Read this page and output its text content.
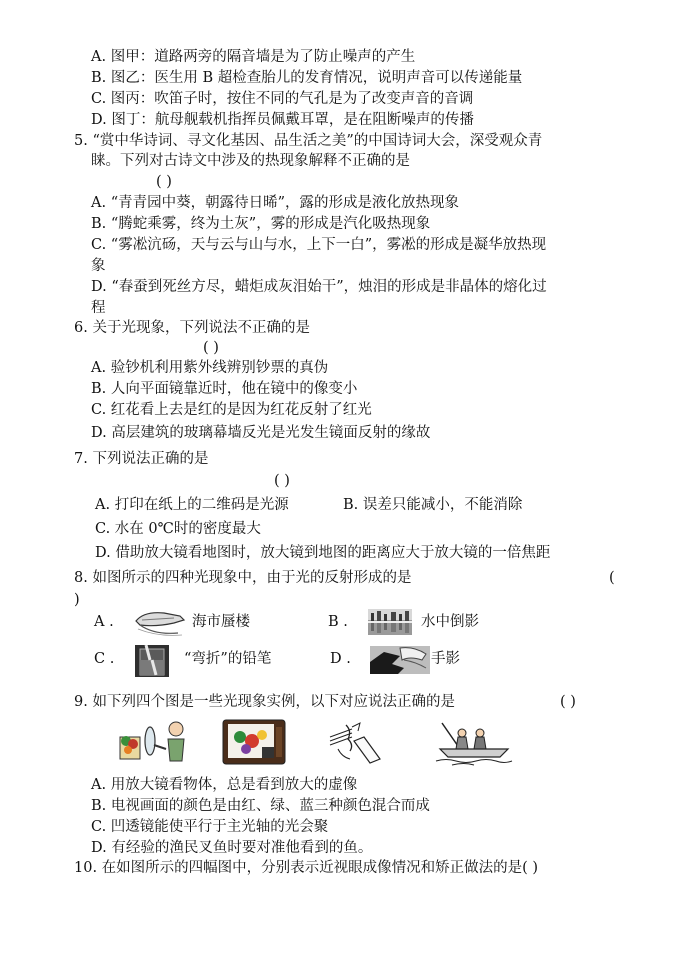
A. 图甲：道路两旁的隔音墙是为了防止噪声的产生
B. 图乙：医生用 B 超检查胎儿的发育情况，说明声音可以传递能量
C. 图丙：吹笛子时，按住不同的气孔是为了改变声音的音调
D. 图丁：航母舰载机指挥员佩戴耳罩，是在阻断噪声的传播
5. “赏中华诗词、寻文化基因、品生活之美”的中国诗词大会，深受观众青
睐。下列对古诗文中涉及的热现象解释不正确的是
( )
A. “青青园中葵，朝露待日晞”，露的形成是液化放热现象
B. “腾蛇乘雾，终为土灰”，雾的形成是汽化吸热现象
C. “雾凇沆砀，天与云与山与水，上下一白”，雾凇的形成是凝华放热现
象
D. “春蚕到死丝方尽，蜡炬成灰泪始干”，烛泪的形成是非晶体的熔化过
程
6. 关于光现象，下列说法不正确的是
( )
A. 验钞机利用紫外线辨别钞票的真伪
B. 人向平面镜靠近时，他在镜中的像变小
C. 红花看上去是红的是因为红花反射了红光
D. 高层建筑的玻璃幕墙反光是光发生镜面反射的缘故
7. 下列说法正确的是
( )
A. 打印在纸上的二维码是光源	B. 误差只能减小，不能消除
C. 水在 0℃时的密度最大
D. 借助放大镜看地图时，放大镜到地图的距离应大于放大镜的一倍焦距
8. 如图所示的四种光现象中，由于光的反射形成的是	(
)
A .	海市蜃楼	B .	水中倒影
C .	“弯折”的铅笔	D .	手影
9. 如下列四个图是一些光现象实例，以下对应说法正确的是	( )
A. 用放大镜看物体，总是看到放大的虚像
B. 电视画面的颜色是由红、绿、蓝三种颜色混合而成
C. 凹透镜能使平行于主光轴的光会聚
D. 有经验的渔民叉鱼时要对准他看到的鱼。
10. 在如图所示的四幅图中，分别表示近视眼成像情况和矫正做法的是( )
